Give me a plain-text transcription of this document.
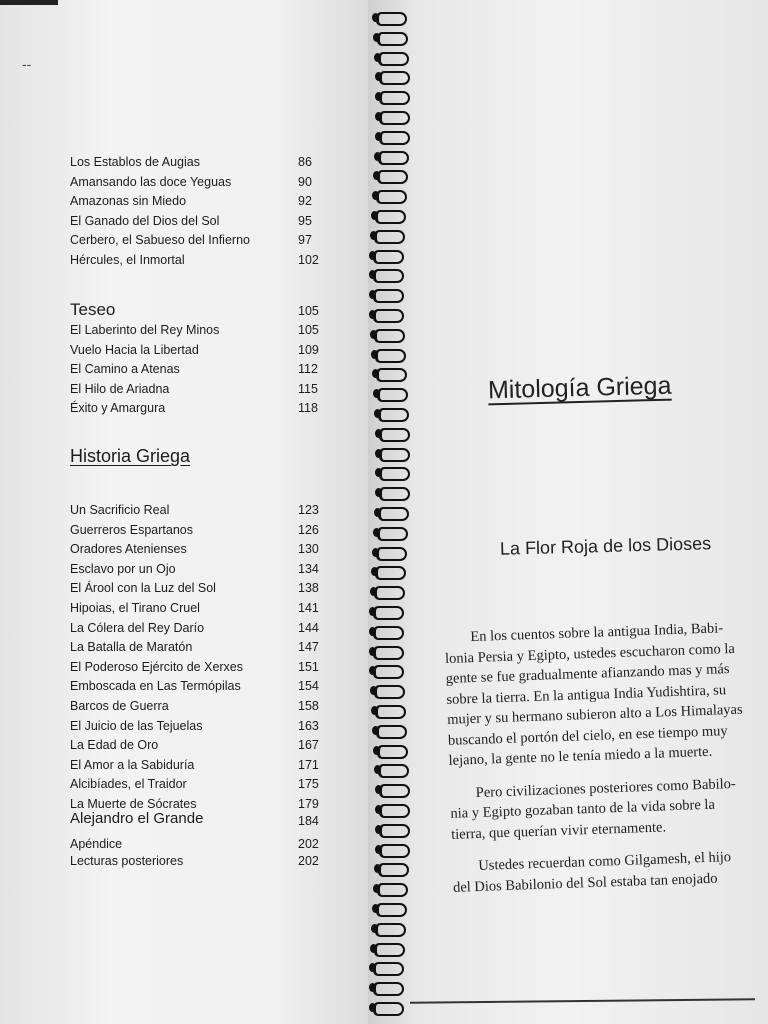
--
Los Establos de Augias	86
Amansando las doce Yeguas	90
Amazonas sin Miedo	92
El Ganado del Dios del Sol	95
Cerbero, el Sabueso del Infierno	97
Hércules, el Inmortal	102
Teseo	105
El Laberinto del Rey Minos	105
Vuelo Hacia la Libertad	109
El Camino a Atenas	112
El Hilo de Ariadna	115
Éxito y Amargura	118
Historia Griega
Un Sacrificio Real	123
Guerreros Espartanos	126
Oradores Atenienses	130
Esclavo por un Ojo	134
El Árool con la Luz del Sol	138
Hipoias, el Tirano Cruel	141
La Cólera del Rey Darío	144
La Batalla de Maratón	147
El Poderoso Ejército de Xerxes	151
Emboscada en Las Termópilas	154
Barcos de Guerra	158
El Juicio de las Tejuelas	163
La Edad de Oro	167
El Amor a la Sabiduría	171
Alcibíades, el Traidor	175
La Muerte de Sócrates	179
Alejandro el Grande	184
Apéndice	202
Lecturas posteriores	202
Mitología Griega
La Flor Roja de los Dioses
En los cuentos sobre la antigua India, Babi-
lonia Persia y Egipto, ustedes escucharon como la
gente se fue gradualmente afianzando mas y más
sobre la tierra. En la antigua India Yudishtira, su
mujer y su hermano subieron alto a Los Himalayas
buscando el portón del cielo, en ese tiempo muy
lejano, la gente no le tenía miedo a la muerte.
Pero civilizaciones posteriores como Babilo-
nia y Egipto gozaban tanto de la vida sobre la
tierra, que querían vivir eternamente.
Ustedes recuerdan como Gilgamesh, el hijo
del Dios Babilonio del Sol estaba tan enojado
